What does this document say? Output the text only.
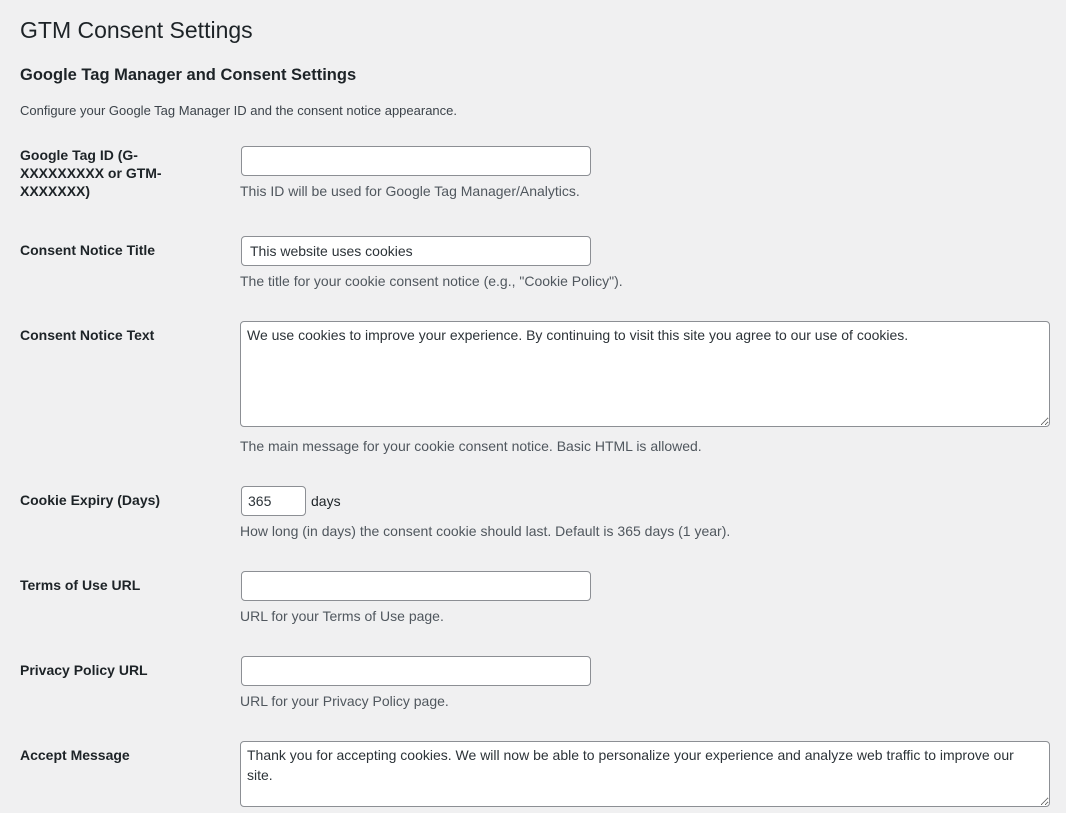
GTM Consent Settings
Google Tag Manager and Consent Settings

Configure your Google Tag Manager ID and the consent notice appearance.

Google Tag ID (G-XXXXXXXXX or GTM-XXXXXXX)	This ID will be used for Google Tag Manager/Analytics.
Consent Notice Title
This website uses cookies
The title for your cookie consent notice (e.g., "Cookie Policy").
Consent Notice Text
We use cookies to improve your experience. By continuing to visit this site you agree to our use of cookies.
The main message for your cookie consent notice. Basic HTML is allowed.
Cookie Expiry (Days)
365	days
How long (in days) the consent cookie should last. Default is 365 days (1 year).
Terms of Use URL
URL for your Terms of Use page.
Privacy Policy URL
URL for your Privacy Policy page.
Accept Message
Thank you for accepting cookies. We will now be able to personalize your experience and analyze web traffic to improve our site.
